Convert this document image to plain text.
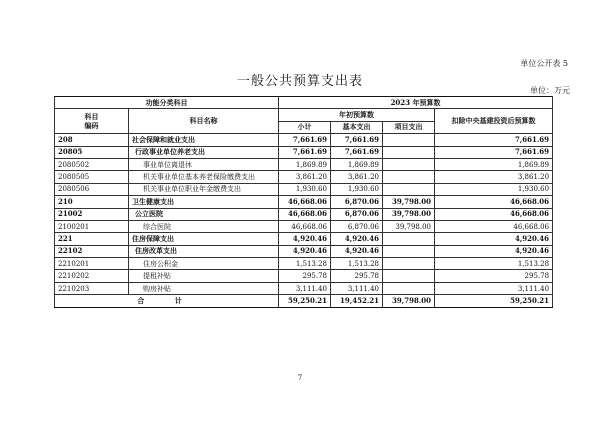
单位公开表 5
一般公共预算支出表
单位：万元
功能分类科目		2023 年预算数			
科目
编码	科目名称	年初预算数			扣除中央基建投资后预算数
		小计	基本支出	项目支出	
208	社会保障和就业支出	7,661.69	7,661.69		7,661.69
20805	行政事业单位养老支出	7,661.69	7,661.69		7,661.69
2080502	事业单位离退休	1,869.89	1,869.89		1,869.89
2080505	机关事业单位基本养老保险缴费支出	3,861.20	3,861.20		3,861.20
2080506	机关事业单位职业年金缴费支出	1,930.60	1,930.60		1,930.60
210	卫生健康支出	46,668.06	6,870.06	39,798.00	46,668.06
21002	公立医院	46,668.06	6,870.06	39,798.00	46,668.06
2100201	综合医院	46,668.06	6,870.06	39,798.00	46,668.06
221	住房保障支出	4,920.46	4,920.46		4,920.46
22102	住房改革支出	4,920.46	4,920.46		4,920.46
2210201	住房公积金	1,513.28	1,513.28		1,513.28
2210202	提租补贴	295.78	295.78		295.78
2210203	购房补贴	3,111.40	3,111.40		3,111.40
合 计		59,250.21	19,452.21	39,798.00	59,250.21
7
